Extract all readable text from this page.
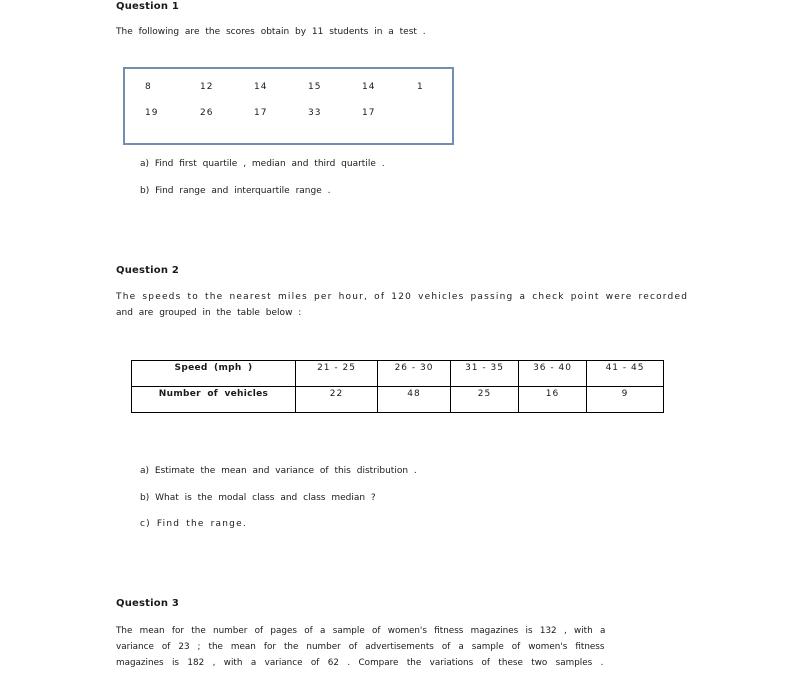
Question 1
The following are the scores obtain by 11 students in a test .
8	12	14	15	14	1
19	26	17	33	17
a) Find first quartile , median and third quartile .
b) Find range and interquartile range .
Question 2
The speeds to the nearest miles per hour, of 120 vehicles passing a check point were recorded
and are grouped in the table below :
Speed (mph )	21 - 25	26 - 30	31 - 35	36 - 40	41 - 45

Number of vehicles	22	48	25	16	9
a) Estimate the mean and variance of this distribution .
b) What is the modal class and class median ?
c) Find the range.
Question 3
The mean for the number of pages of a sample of women's fitness magazines is 132 , with a
variance of 23 ; the mean for the number of advertisements of a sample of women's fitness
magazines is 182 , with a variance of 62 . Compare the variations of these two samples .
